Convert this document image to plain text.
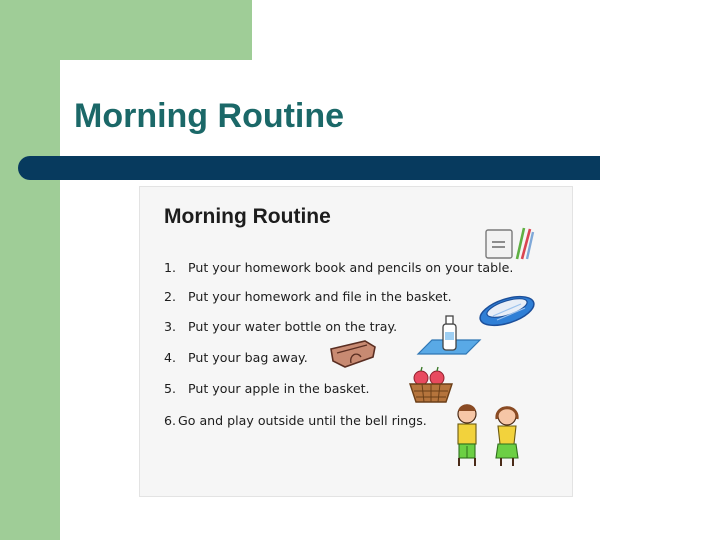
Morning Routine
Morning Routine
1. Put your homework book and pencils on your table.
2. Put your homework and file in the basket.
3. Put your water bottle on the tray.
4. Put your bag away.
5. Put your apple in the basket.
6. Go and play outside until the bell rings.
